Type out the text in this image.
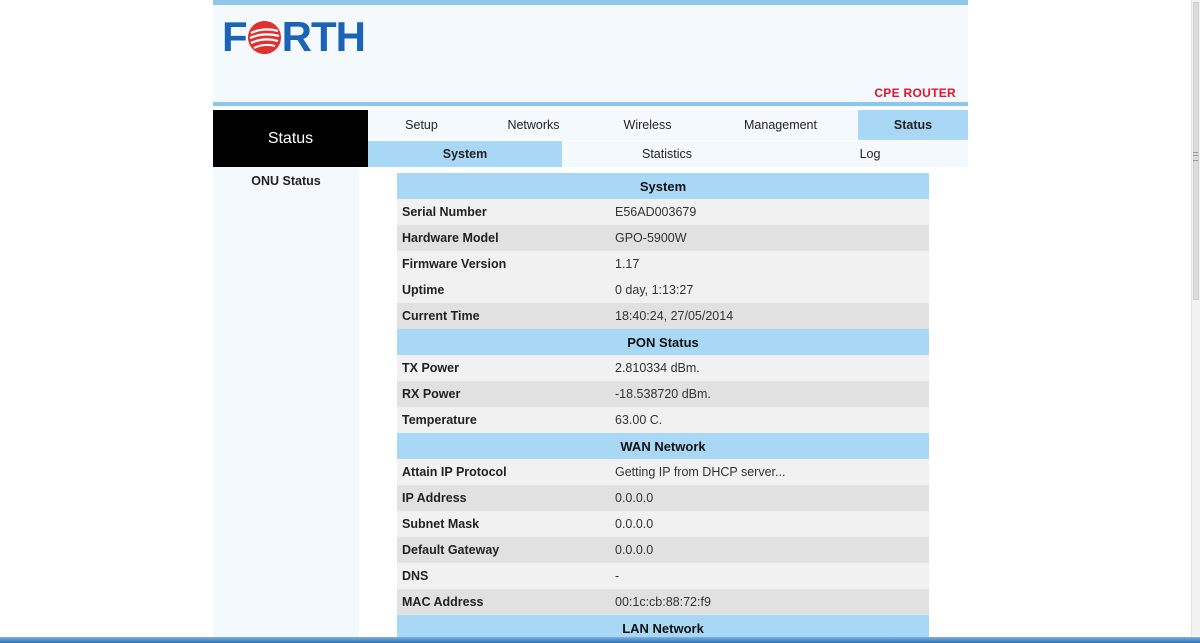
F RTH
CPE ROUTER
Status
ONU Status
Setup	Networks	Wireless	Management	Status
System	Statistics	Log
System	
Serial Number	E56AD003679
Hardware Model	GPO-5900W
Firmware Version	1.17
Uptime	0 day, 1:13:27
Current Time	18:40:24, 27/05/2014
PON Status	
TX Power	2.810334 dBm.
RX Power	-18.538720 dBm.
Temperature	63.00 C.
WAN Network	
Attain IP Protocol	Getting IP from DHCP server...
IP Address	0.0.0.0
Subnet Mask	0.0.0.0
Default Gateway	0.0.0.0
DNS	-
MAC Address	00:1c:cb:88:72:f9
LAN Network	
